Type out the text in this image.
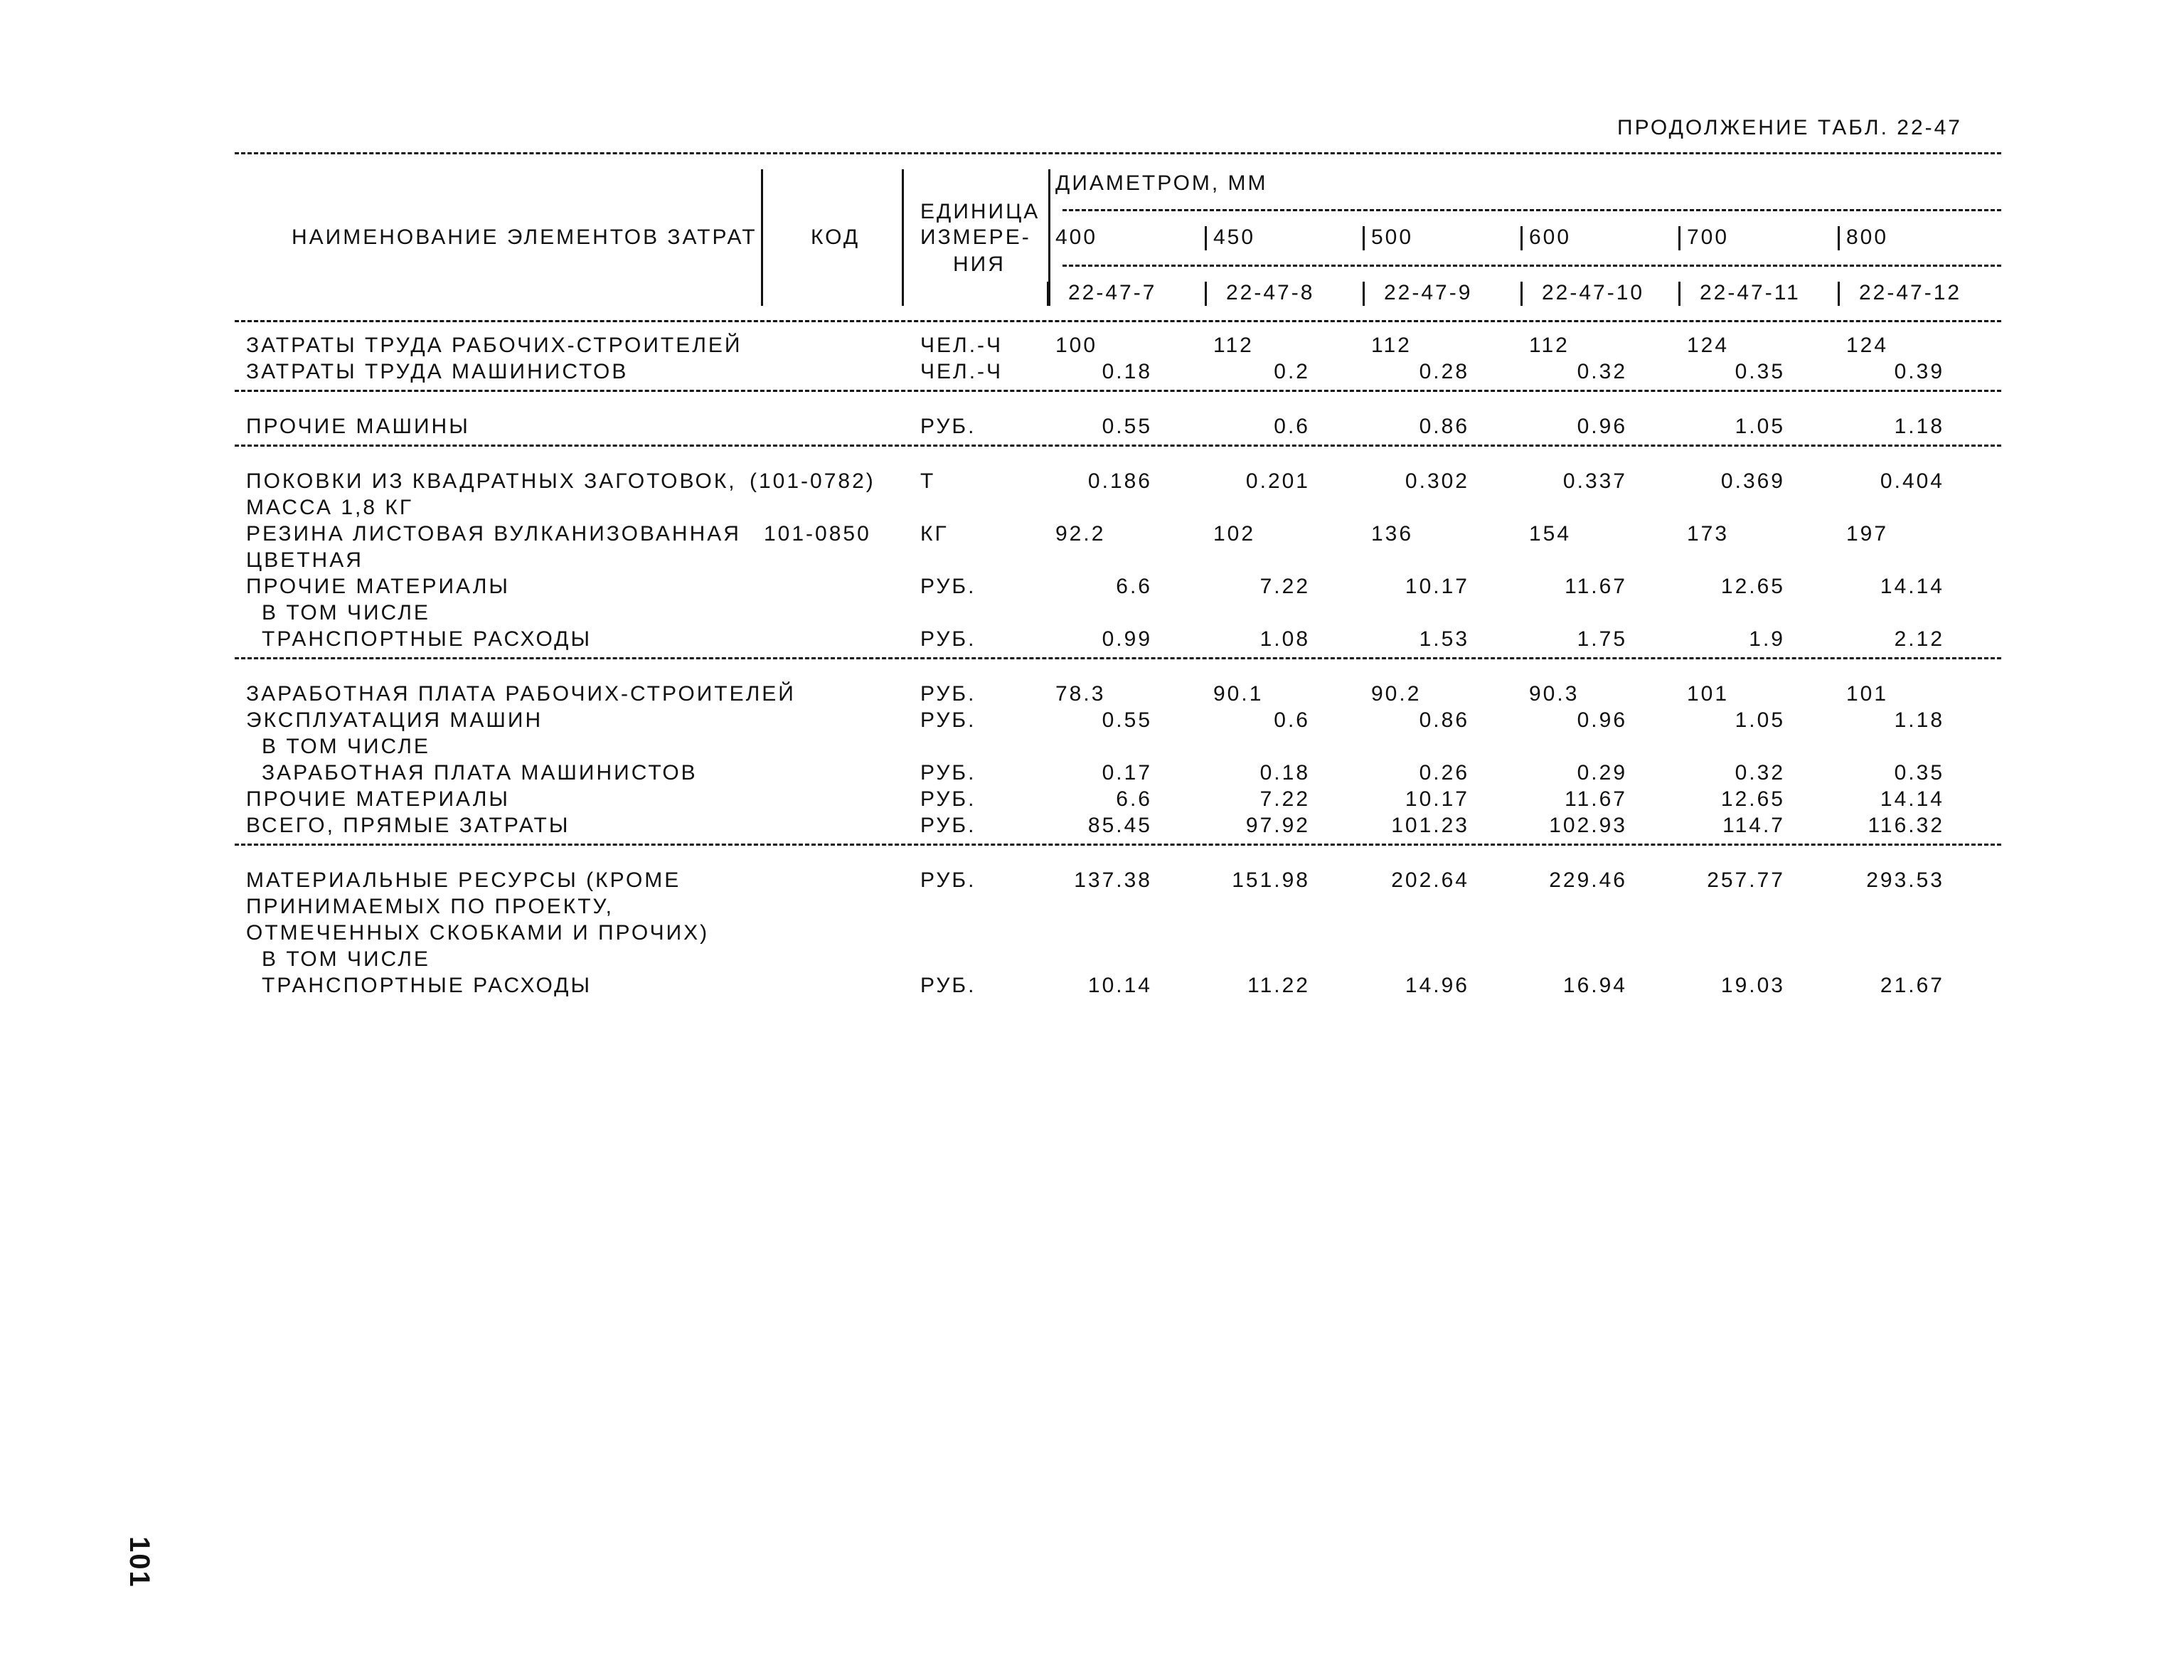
ПРОДОЛЖЕНИЕ ТАБЛ. 22-47
НАИМЕНОВАНИЕ ЭЛЕМЕНТОВ ЗАТРАТ	КОД
ЕДИНИЦА
ИЗМЕРЕ-
НИЯ
ДИАМЕТРОМ, ММ
101
400	450	500	600	700	800
22-47-7	22-47-8	22-47-9	22-47-10	22-47-11	22-47-12
ЗАТРАТЫ ТРУДА РАБОЧИХ-СТРОИТЕЛЕЙ	ЧЕЛ.-Ч 100	112	112	112	124	124
ЗАТРАТЫ ТРУДА МАШИНИСТОВ	ЧЕЛ.-Ч	0.18	0.2	0.28	0.32	0.35	0.39
ПРОЧИЕ МАШИНЫ	РУБ.	0.55	0.6	0.86	0.96	1.05	1.18
ПОКОВКИ ИЗ КВАДРАТНЫХ ЗАГОТОВОК,
МАССА 1,8 КГ
(101-0782) Т	0.186	0.201	0.302	0.337	0.369	0.404
РЕЗИНА ЛИСТОВАЯ ВУЛКАНИЗОВАННАЯ
ЦВЕТНАЯ
101-0850 КГ	92.2	102	136	154	173	197
ПРОЧИЕ МАТЕРИАЛЫ	РУБ.	6.6	7.22	10.17	11.67	12.65	14.14
В ТОМ ЧИСЛЕ
ТРАНСПОРТНЫЕ РАСХОДЫ	РУБ.	0.99	1.08	1.53	1.75	1.9	2.12
ЗАРАБОТНАЯ ПЛАТА РАБОЧИХ-СТРОИТЕЛЕЙ	РУБ.	78.3	90.1	90.2	90.3	101	101
ЭКСПЛУАТАЦИЯ МАШИН	РУБ.	0.55	0.6	0.86	0.96	1.05	1.18
В ТОМ ЧИСЛЕ
ЗАРАБОТНАЯ ПЛАТА МАШИНИСТОВ	РУБ.	0.17	0.18	0.26	0.29	0.32	0.35
ПРОЧИЕ МАТЕРИАЛЫ	РУБ.	6.6	7.22	10.17	11.67	12.65	14.14
ВСЕГО, ПРЯМЫЕ ЗАТРАТЫ	РУБ.	85.45	97.92	101.23	102.93	114.7	116.32
МАТЕРИАЛЬНЫЕ РЕСУРСЫ (КРОМЕ
ПРИНИМАЕМЫХ ПО ПРОЕКТУ,
ОТМЕЧЕННЫХ СКОБКАМИ И ПРОЧИХ)
РУБ.	137.38	151.98	202.64	229.46	257.77	293.53
В ТОМ ЧИСЛЕ
ТРАНСПОРТНЫЕ РАСХОДЫ	РУБ.	10.14	11.22	14.96	16.94	19.03	21.67
